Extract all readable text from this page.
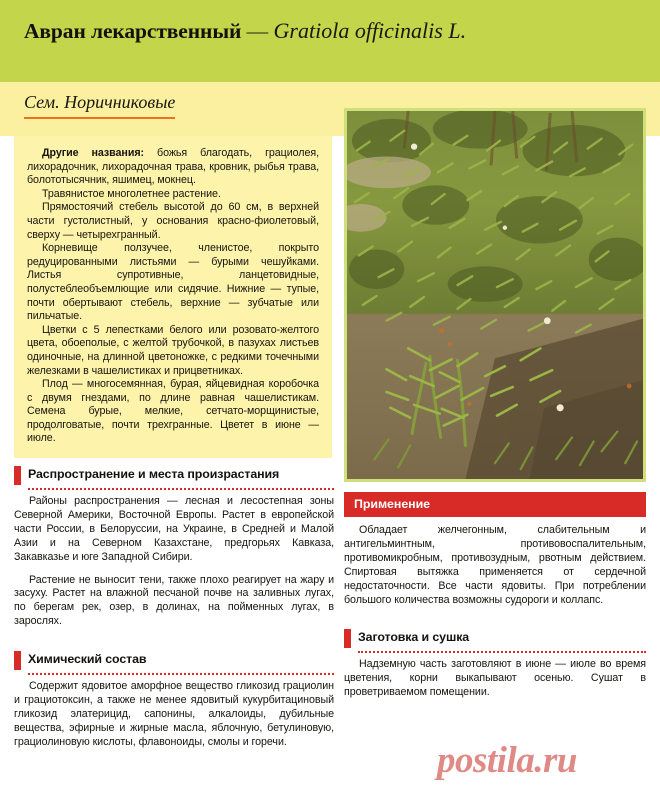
Авран лекарственный — Gratiola officinalis L.
Сем. Норичниковые

Другие названия: божья благодать, грациолея, лихорадочник, лихорадочная трава, кровник, рыбья трава, болототысячник, яшимец, мокнец.

Травянистое многолетнее растение.

Прямостоячий стебель высотой до 60 см, в верхней части густолистный, у основания красно-фиолетовый, сверху — четырехгранный.

Корневище ползучее, членистое, покрыто редуцированными листьями — бурыми чешуйками. Листья супротивные, ланцетовидные, полустеблеобъемлющие или сидячие. Нижние — тупые, почти обертывают стебель, верхние — зубчатые или пильчатые.

Цветки с 5 лепестками белого или розовато-желтого цвета, обоеполые, с желтой трубочкой, в пазухах листьев одиночные, на длинной цветоножке, с редкими точечными железками в чашелистиках и прицветниках.

Плод — многосемянная, бурая, яйцевидная коробочка с двумя гнездами, по длине равная чашелистикам. Семена бурые, мелкие, сетчато-морщинистые, продолговатые, почти трехгранные. Цветет в июне — июле.

Распространение и места произрастания

Районы распространения — лесная и лесостепная зоны Северной Америки, Восточной Европы. Растет в европейской части России, в Белоруссии, на Украине, в Средней и Малой Азии и на Северном Казахстане, предгорьях Кавказа, Закавказье и юге Западной Сибири.

Растение не выносит тени, также плохо реагирует на жару и засуху. Растет на влажной песчаной почве на заливных лугах, по берегам рек, озер, в долинах, на пойменных лугах, в зарослях.

Химический состав

Содержит ядовитое аморфное вещество гликозид грациолин и грациотоксин, а также не менее ядовитый кукурбитациновый гликозид элатерицид, сапонины, алкалоиды, дубильные вещества, эфирные и жирные масла, яблочную, бетулиновую, грациолиновую кислоты, флавоноиды, смолы и горечи.

Применение

Обладает желчегонным, слабительным и антигельминтным, противовоспалительным, противомикробным, противозудным, рвотным действием. Спиртовая вытяжка применяется от сердечной недостаточности. Все части ядовиты. При потреблении большого количества возможны судороги и коллапс.

Заготовка и сушка

Надземную часть заготовляют в июне — июле во время цветения, корни выкапывают осенью. Сушат в проветриваемом помещении.

postila.ru
